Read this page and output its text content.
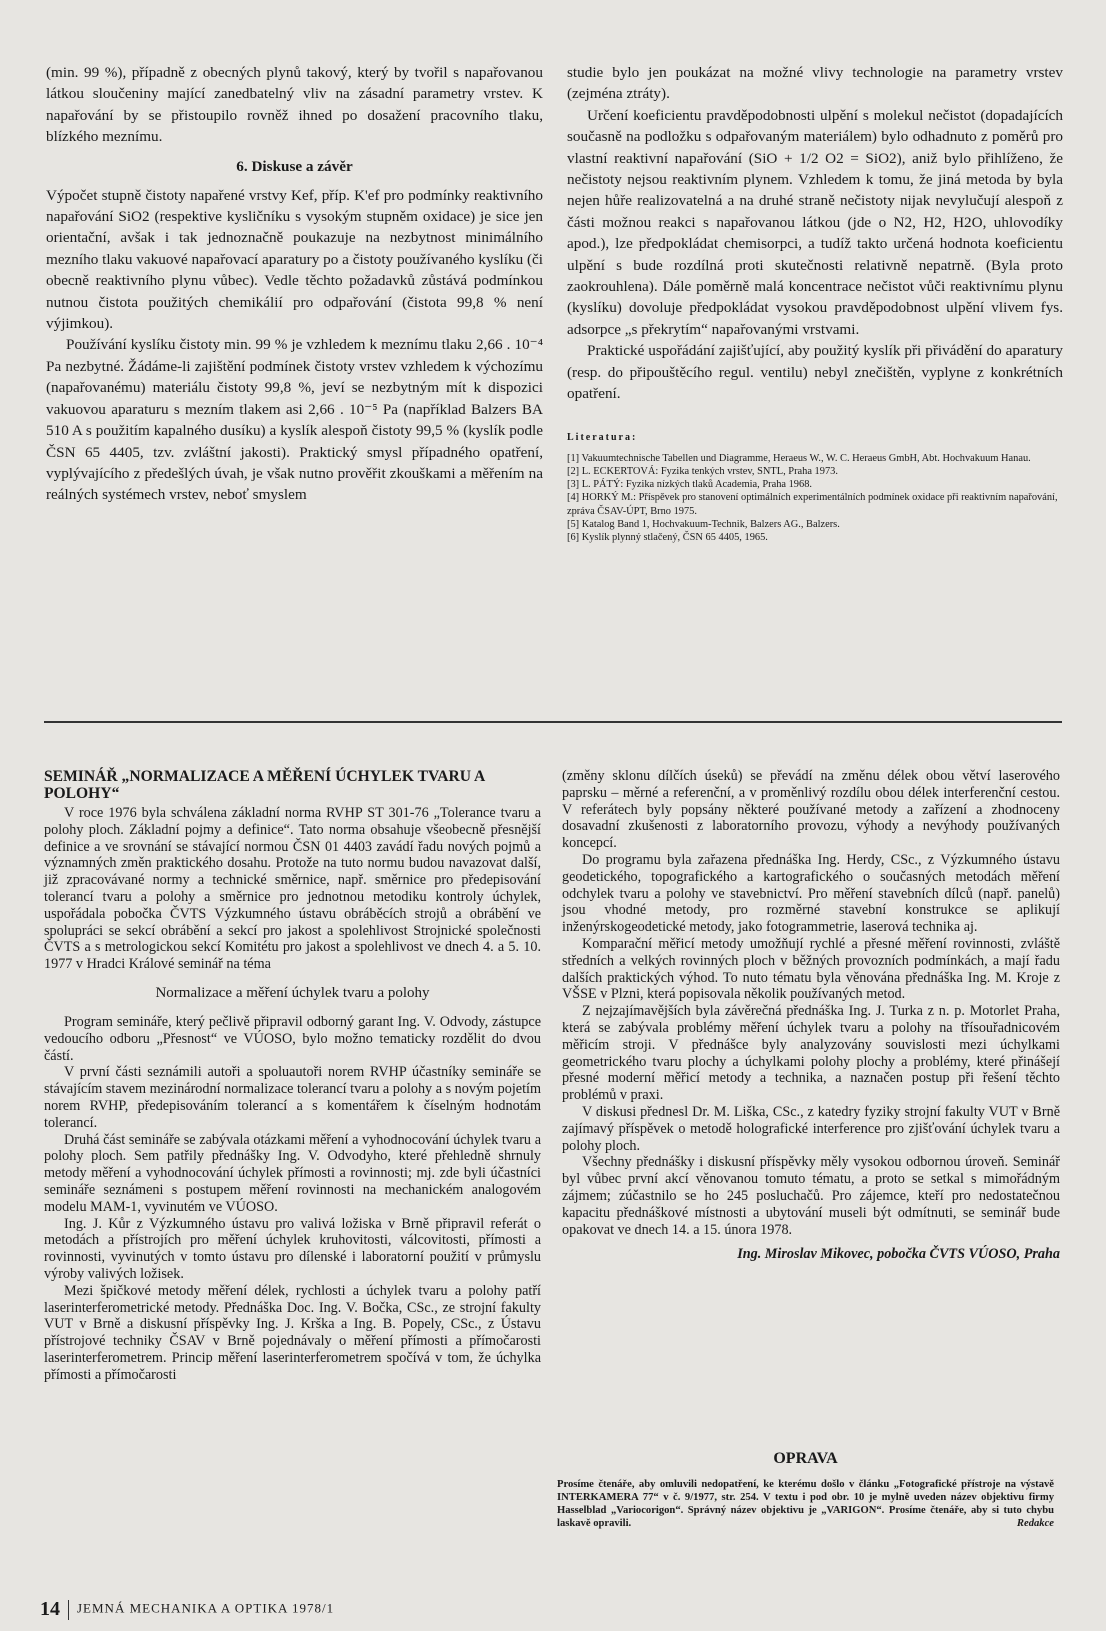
(min. 99 %), případně z obecných plynů takový, který by tvořil s napařovanou látkou sloučeniny mající zanedbatelný vliv na zásadní parametry vrstev. K napařování by se přistoupilo rovněž ihned po dosažení pracovního tlaku, blízkého meznímu.

6. Diskuse a závěr

Výpočet stupně čistoty napařené vrstvy Kef, příp. K'ef pro podmínky reaktivního napařování SiO2 (respektive kysličníku s vysokým stupněm oxidace) je sice jen orientační, avšak i tak jednoznačně poukazuje na nezbytnost minimálního mezního tlaku vakuové napařovací aparatury po a čistoty používaného kyslíku (či obecně reaktivního plynu vůbec). Vedle těchto požadavků zůstává podmínkou nutnou čistota použitých chemikálií pro odpařování (čistota 99,8 % není výjimkou).

Používání kyslíku čistoty min. 99 % je vzhledem k meznímu tlaku 2,66 . 10⁻⁴ Pa nezbytné. Žádáme-li zajištění podmínek čistoty vrstev vzhledem k výchozímu (napařovanému) materiálu čistoty 99,8 %, jeví se nezbytným mít k dispozici vakuovou aparaturu s mezním tlakem asi 2,66 . 10⁻⁵ Pa (například Balzers BA 510 A s použitím kapalného dusíku) a kyslík alespoň čistoty 99,5 % (kyslík podle ČSN 65 4405, tzv. zvláštní jakosti). Praktický smysl případného opatření, vyplývajícího z předešlých úvah, je však nutno prověřit zkouškami a měřením na reálných systémech vrstev, neboť smyslem

studie bylo jen poukázat na možné vlivy technologie na parametry vrstev (zejména ztráty).

Určení koeficientu pravděpodobnosti ulpění s molekul nečistot (dopadajících současně na podložku s odpařovaným materiálem) bylo odhadnuto z poměrů pro vlastní reaktivní napařování (SiO + 1/2 O2 = SiO2), aniž bylo přihlíženo, že nečistoty nejsou reaktivním plynem. Vzhledem k tomu, že jiná metoda by byla nejen hůře realizovatelná a na druhé straně nečistoty nijak nevylučují alespoň z části možnou reakci s napařovanou látkou (jde o N2, H2, H2O, uhlovodíky apod.), lze předpokládat chemisorpci, a tudíž takto určená hodnota koeficientu ulpění s bude rozdílná proti skutečnosti relativně nepatrně. (Byla proto zaokrouhlena). Dále poměrně malá koncentrace nečistot vůči reaktivnímu plynu (kyslíku) dovoluje předpokládat vysokou pravděpodobnost ulpění vlivem fys. adsorpce „s překrytím“ napařovanými vrstvami.

Praktické uspořádání zajišťující, aby použitý kyslík při přivádění do aparatury (resp. do připouštěcího regul. ventilu) nebyl znečištěn, vyplyne z konkrétních opatření.

Literatura:
[1] Vakuumtechnische Tabellen und Diagramme, Heraeus W., W. C. Heraeus GmbH, Abt. Hochvakuum Hanau.
[2] L. ECKERTOVÁ: Fyzika tenkých vrstev, SNTL, Praha 1973.
[3] L. PÁTÝ: Fyzika nízkých tlaků Academia, Praha 1968.
[4] HORKÝ M.: Příspěvek pro stanovení optimálních experimentálních podmínek oxidace při reaktivním napařování, zpráva ČSAV-ÚPT, Brno 1975.
[5] Katalog Band 1, Hochvakuum-Technik, Balzers AG., Balzers.
[6] Kyslík plynný stlačený, ČSN 65 4405, 1965.
SEMINÁŘ „NORMALIZACE A MĚŘENÍ ÚCHYLEK TVARU A POLOHY“

V roce 1976 byla schválena základní norma RVHP ST 301-76 „Tolerance tvaru a polohy ploch. Základní pojmy a definice“. Tato norma obsahuje všeobecně přesnější definice a ve srovnání se stávající normou ČSN 01 4403 zavádí řadu nových pojmů a významných změn praktického dosahu. Protože na tuto normu budou navazovat další, již zpracovávané normy a technické směrnice, např. směrnice pro předepisování tolerancí tvaru a polohy a směrnice pro jednotnou metodiku kontroly úchylek, uspořádala pobočka ČVTS Výzkumného ústavu obráběcích strojů a obrábění ve spolupráci se sekcí obrábění a sekcí pro jakost a spolehlivost Strojnické společnosti ČVTS a s metrologickou sekcí Komitétu pro jakost a spolehlivost ve dnech 4. a 5. 10. 1977 v Hradci Králové seminář na téma

Normalizace a měření úchylek tvaru a polohy

Program semináře, který pečlivě připravil odborný garant Ing. V. Odvody, zástupce vedoucího odboru „Přesnost“ ve VÚOSO, bylo možno tematicky rozdělit do dvou částí.

V první části seznámili autoři a spoluautoři norem RVHP účastníky semináře se stávajícím stavem mezinárodní normalizace tolerancí tvaru a polohy a s novým pojetím norem RVHP, předepisováním tolerancí a s komentářem k číselným hodnotám tolerancí.

Druhá část semináře se zabývala otázkami měření a vyhodnocování úchylek tvaru a polohy ploch. Sem patřily přednášky Ing. V. Odvodyho, které přehledně shrnuly metody měření a vyhodnocování úchylek přímosti a rovinnosti; mj. zde byli účastníci semináře seznámeni s postupem měření rovinnosti na mechanickém analogovém modelu MAM-1, vyvinutém ve VÚOSO.

Ing. J. Kůr z Výzkumného ústavu pro valivá ložiska v Brně připravil referát o metodách a přístrojích pro měření úchylek kruhovitosti, válcovitosti, přímosti a rovinnosti, vyvinutých v tomto ústavu pro dílenské i laboratorní použití v průmyslu výroby valivých ložisek.

Mezi špičkové metody měření délek, rychlosti a úchylek tvaru a polohy patří laserinterferometrické metody. Přednáška Doc. Ing. V. Bočka, CSc., ze strojní fakulty VUT v Brně a diskusní příspěvky Ing. J. Krška a Ing. B. Popely, CSc., z Ústavu přístrojové techniky ČSAV v Brně pojednávaly o měření přímosti a přímočarosti laserinterferometrem. Princip měření laserinterferometrem spočívá v tom, že úchylka přímosti a přímočarosti

(změny sklonu dílčích úseků) se převádí na změnu délek obou větví laserového paprsku – měrné a referenční, a v proměnlivý rozdílu obou délek interferenční cestou. V referátech byly popsány některé používané metody a zařízení a zhodnoceny dosavadní zkušenosti z laboratorního provozu, výhody a nevýhody používaných koncepcí.

Do programu byla zařazena přednáška Ing. Herdy, CSc., z Výzkumného ústavu geodetického, topografického a kartografického o současných metodách měření odchylek tvaru a polohy ve stavebnictví. Pro měření stavebních dílců (např. panelů) jsou vhodné metody, pro rozměrné stavební konstrukce se aplikují inženýrskogeodetické metody, jako fotogrammetrie, laserová technika aj.

Komparační měřicí metody umožňují rychlé a přesné měření rovinnosti, zvláště středních a velkých rovinných ploch v běžných provozních podmínkách, a mají řadu dalších praktických výhod. To nuto tématu byla věnována přednáška Ing. M. Kroje z VŠSE v Plzni, která popisovala několik používaných metod.

Z nejzajímavějších byla závěrečná přednáška Ing. J. Turka z n. p. Motorlet Praha, která se zabývala problémy měření úchylek tvaru a polohy na třísouřadnicovém měřicím stroji. V přednášce byly analyzovány souvislosti mezi úchylkami geometrického tvaru plochy a úchylkami polohy plochy a problémy, které přinášejí přesné moderní měřicí metody a technika, a naznačen postup při řešení těchto problémů v praxi.

V diskusi přednesl Dr. M. Liška, CSc., z katedry fyziky strojní fakulty VUT v Brně zajímavý příspěvek o metodě holografické interference pro zjišťování úchylek tvaru a polohy ploch.

Všechny přednášky i diskusní příspěvky měly vysokou odbornou úroveň. Seminář byl vůbec první akcí věnovanou tomuto tématu, a proto se setkal s mimořádným zájmem; zúčastnilo se ho 245 posluchačů. Pro zájemce, kteří pro nedostatečnou kapacitu přednáškové místnosti a ubytování museli být odmítnuti, se seminář bude opakovat ve dnech 14. a 15. února 1978.

Ing. Miroslav Mikovec, pobočka ČVTS VÚOSO, Praha
OPRAVA

Prosíme čtenáře, aby omluvili nedopatření, ke kterému došlo v článku „Fotografické přístroje na výstavě INTERKAMERA 77“ v č. 9/1977, str. 254. V textu i pod obr. 10 je mylně uveden název objektivu firmy Hasselblad „Variocorigon“. Správný název objektivu je „VARIGON“. Prosíme čtenáře, aby si tuto chybu laskavě opravili.	Redakce

14 JEMNÁ MECHANIKA A OPTIKA 1978/1
